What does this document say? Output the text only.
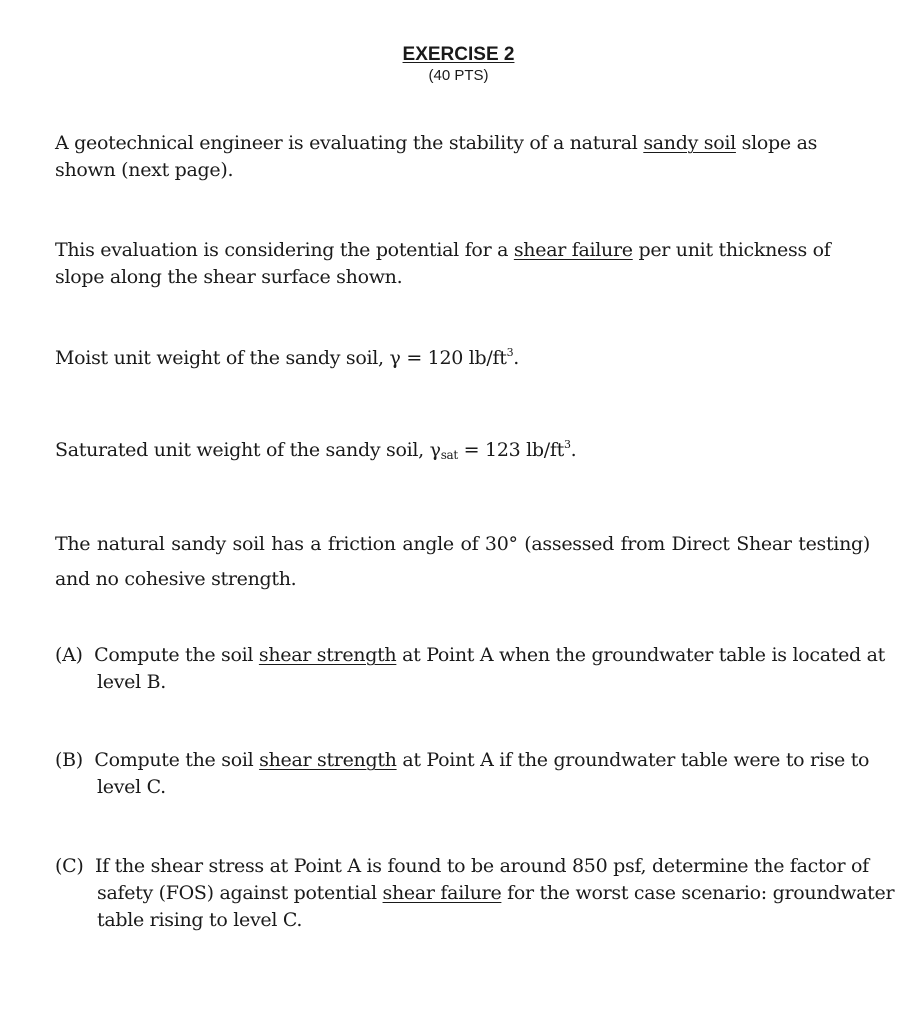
EXERCISE 2
(40 PTS)
A geotechnical engineer is evaluating the stability of a natural sandy soil slope as shown (next page).
This evaluation is considering the potential for a shear failure per unit thickness of slope along the shear surface shown.
Moist unit weight of the sandy soil, γ = 120 $lb/ft^3$.
Saturated unit weight of the sandy soil, $\gamma_{sat} = 123$ $lb/ft^3$.
The natural sandy soil has a friction angle of 30° (assessed from Direct Shear testing) and no cohesive strength.
(A) Compute the soil shear strength at Point A when the groundwater table is located at level B.
(B) Compute the soil shear strength at Point A if the groundwater table were to rise to level C.
(C) If the shear stress at Point A is found to be around 850 psf, determine the factor of safety (FOS) against potential shear failure for the worst case scenario: groundwater table rising to level C.
